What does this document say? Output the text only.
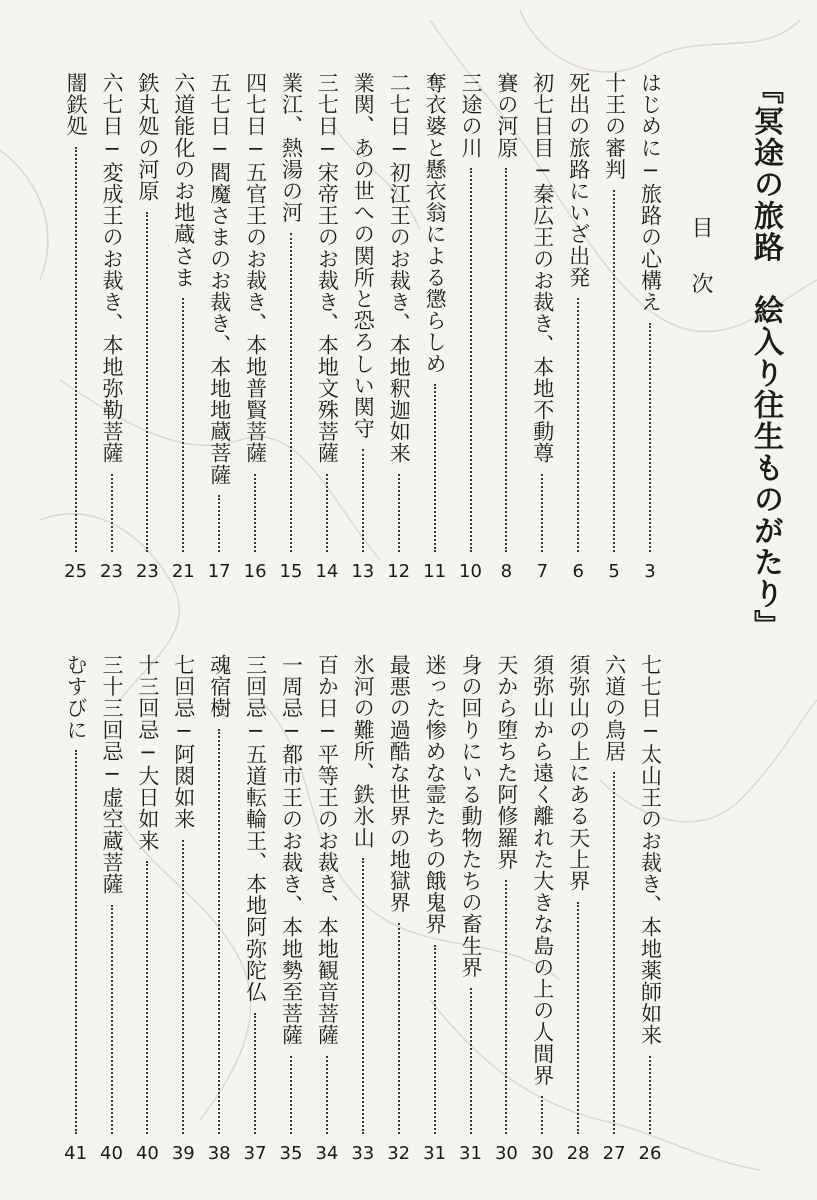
『冥途の旅路　絵入り往生ものがたり』
目次
はじめに─旅路の心構え
3
十王の審判
5
死出の旅路にいざ出発
6
初七日目─秦広王のお裁き、本地不動尊
7
賽の河原
8
三途の川
10
奪衣婆と懸衣翁による懲らしめ
11
二七日─初江王のお裁き、本地釈迦如来
12
業関、あの世への関所と恐ろしい関守
13
三七日─宋帝王のお裁き、本地文殊菩薩
14
業江、熱湯の河
15
四七日─五官王のお裁き、本地普賢菩薩
16
五七日─閻魔さまのお裁き、本地地蔵菩薩
17
六道能化のお地蔵さま
21
鉄丸処の河原
23
六七日─変成王のお裁き、本地弥勒菩薩
23
闇鉄処
25
七七日─太山王のお裁き、本地薬師如来
26
六道の鳥居
27
須弥山の上にある天上界
28
須弥山から遠く離れた大きな島の上の人間界
30
天から堕ちた阿修羅界
30
身の回りにいる動物たちの畜生界
31
迷った惨めな霊たちの餓鬼界
31
最悪の過酷な世界の地獄界
32
氷河の難所、鉄氷山
33
百か日─平等王のお裁き、本地観音菩薩
34
一周忌─都市王のお裁き、本地勢至菩薩
35
三回忌─五道転輪王、本地阿弥陀仏
37
魂宿樹
38
七回忌─阿閦如来
39
十三回忌─大日如来
40
三十三回忌─虚空蔵菩薩
40
むすびに
41
